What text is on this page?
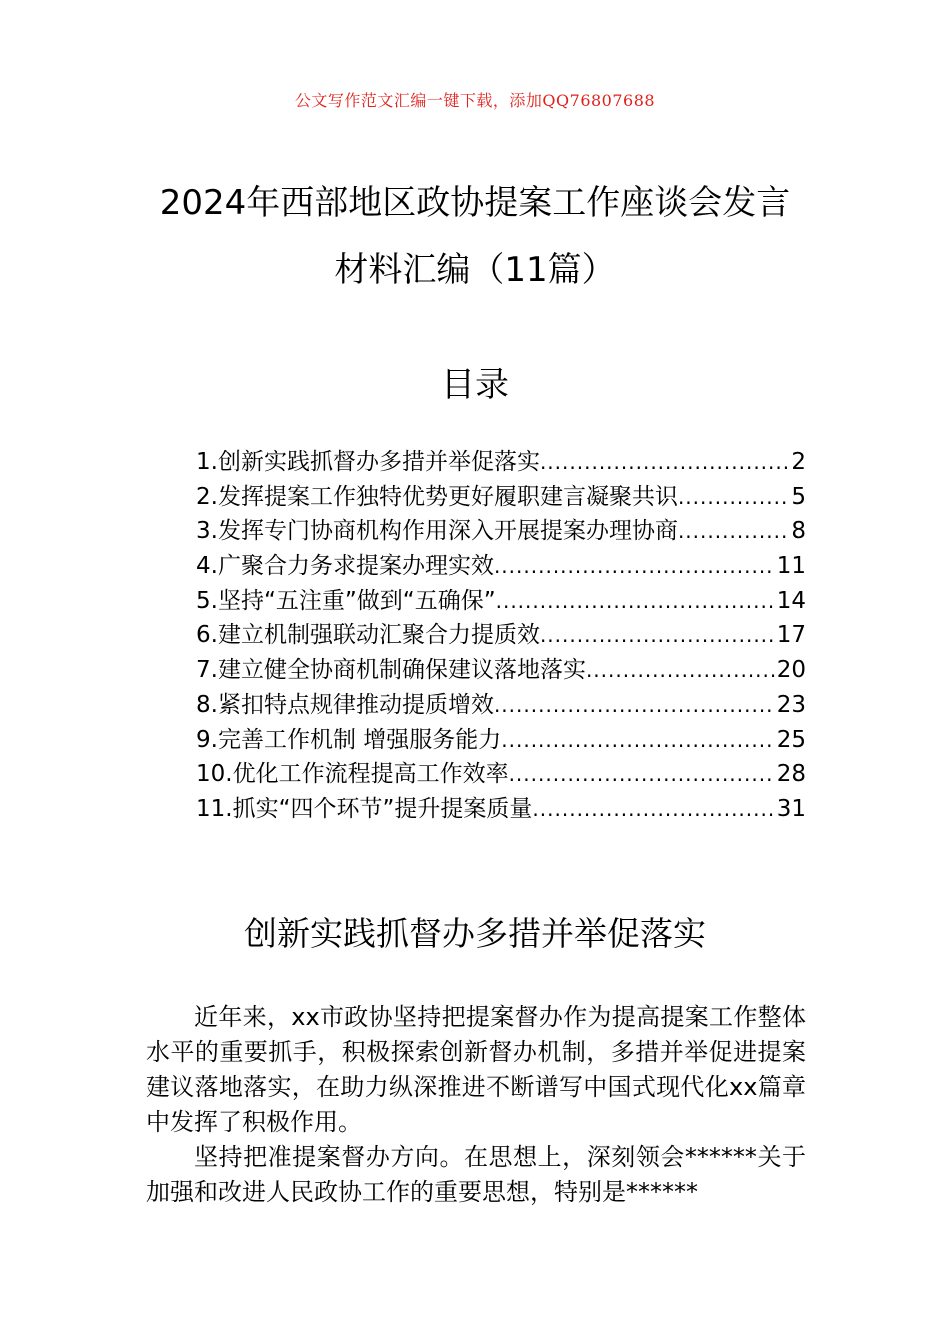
公文写作范文汇编一键下载，添加QQ76807688
2024年西部地区政协提案工作座谈会发言
材料汇编（11篇）
目录
1.创新实践抓督办多措并举促落实 .....	2
2.发挥提案工作独特优势更好履职建言凝聚共识 .....	5
3.发挥专门协商机构作用深入开展提案办理协商 .....	8
4.广聚合力务求提案办理实效 .....	11
5.坚持“五注重”做到“五确保” .....	14
6.建立机制强联动汇聚合力提质效 .....	17
7.建立健全协商机制确保建议落地落实 .....	20
8.紧扣特点规律推动提质增效 .....	23
9.完善工作机制 增强服务能力 .....	25
10.优化工作流程提高工作效率 .....	28
11.抓实“四个环节”提升提案质量 .....	31
创新实践抓督办多措并举促落实

近年来，xx市政协坚持把提案督办作为提高提案工作整体水平的重要抓手，积极探索创新督办机制，多措并举促进提案建议落地落实，在助力纵深推进不断谱写中国式现代化xx篇章中发挥了积极作用。

坚持把准提案督办方向。在思想上，深刻领会******关于加强和改进人民政协工作的重要思想，特别是******
